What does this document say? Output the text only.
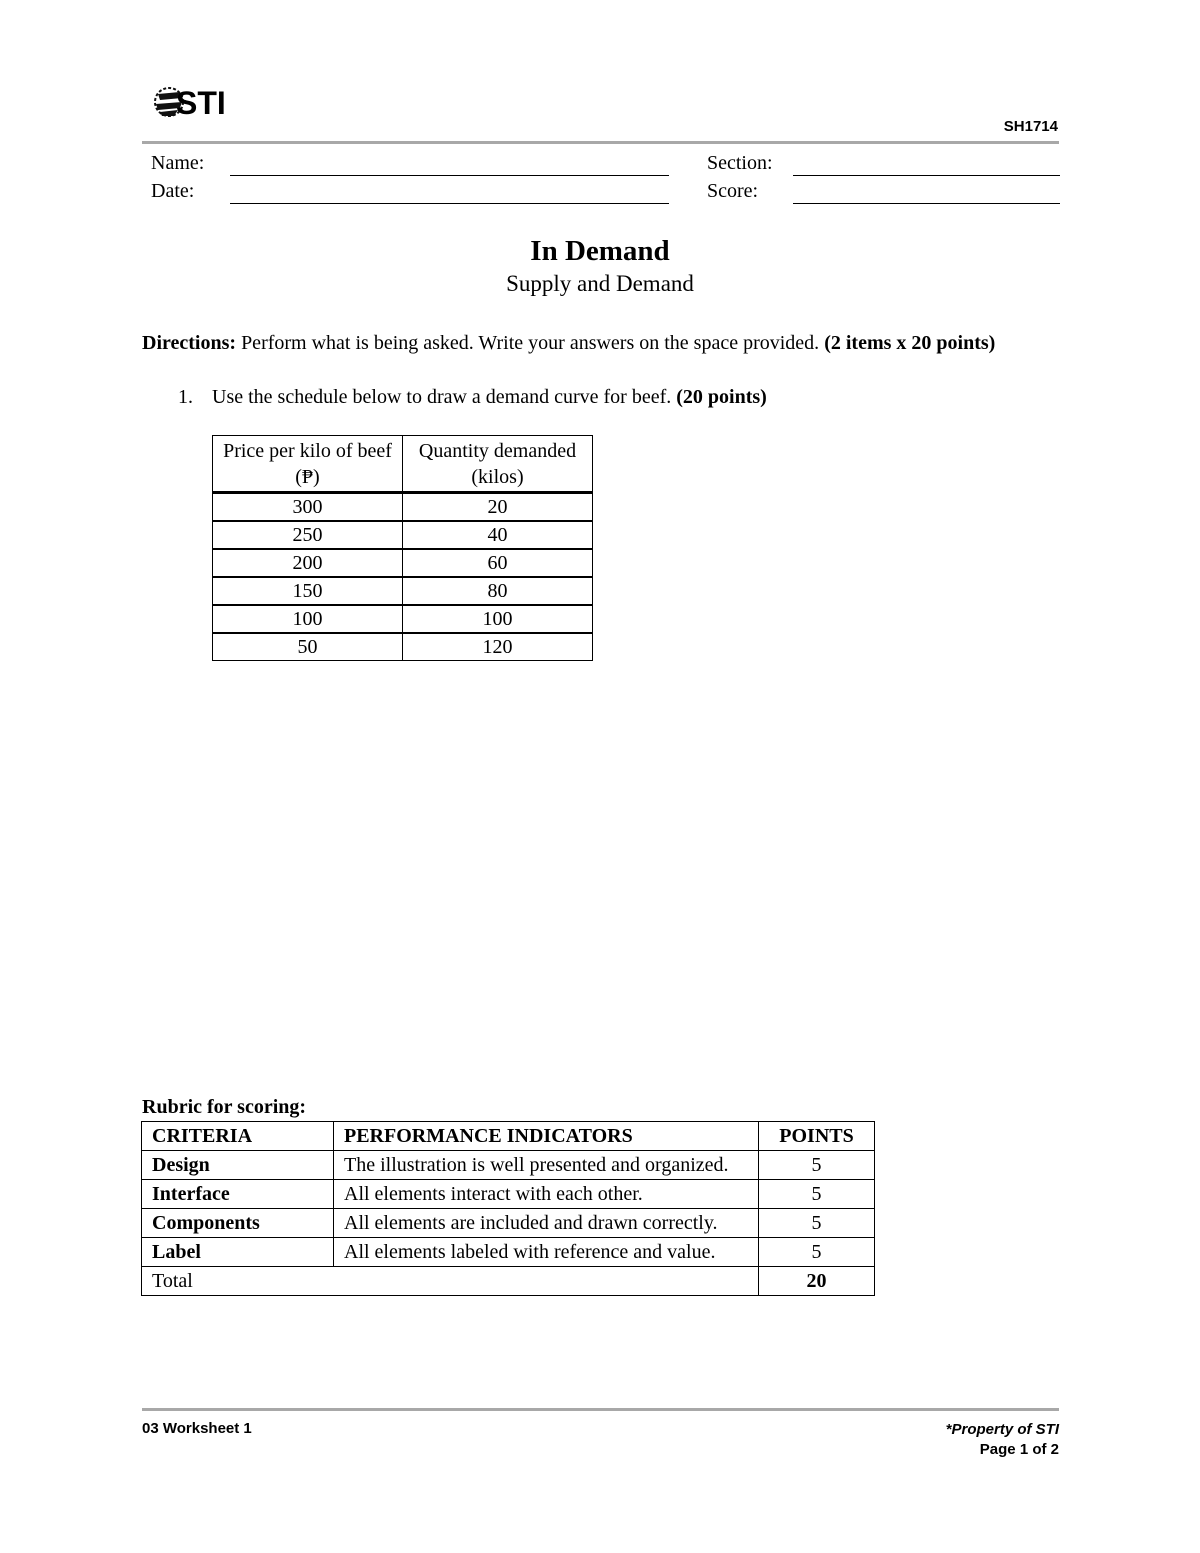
STI
SH1714
Name:	Section:
Date:	Score:
In Demand
Supply and Demand
Directions: Perform what is being asked. Write your answers on the space provided. (2 items x 20 points)
1. Use the schedule below to draw a demand curve for beef. (20 points)
Price per kilo of beef (₱)	Quantity demanded (kilos)
300	20
250	40
200	60
150	80
100	100
50	120
Rubric for scoring:
CRITERIA	PERFORMANCE INDICATORS	POINTS
Design	The illustration is well presented and organized.	5
Interface	All elements interact with each other.	5
Components	All elements are included and drawn correctly.	5
Label	All elements labeled with reference and value.	5
Total		20
03 Worksheet 1	*Property of STI
Page 1 of 2
